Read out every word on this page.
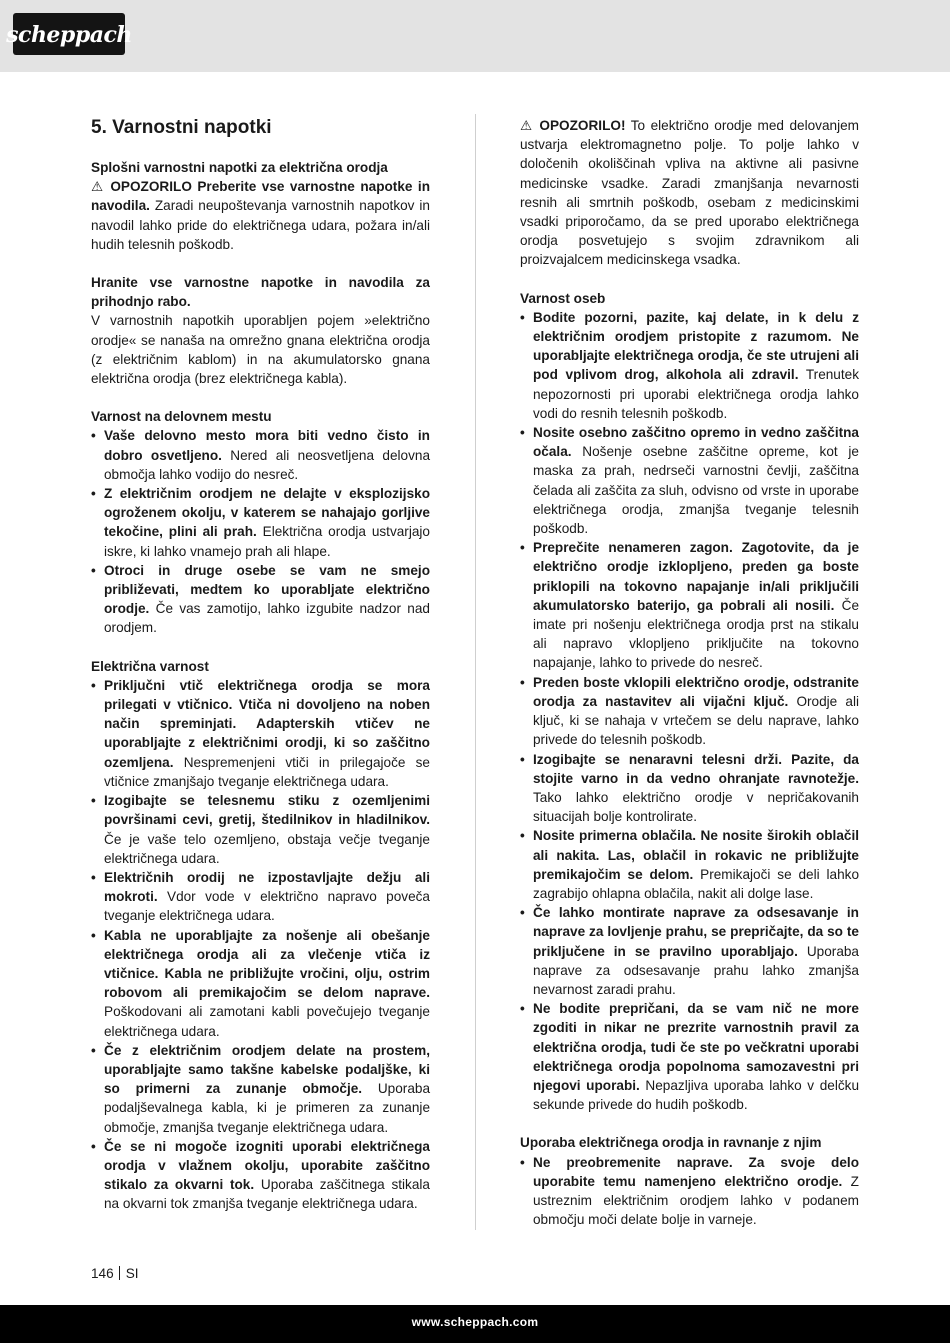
scheppach
5. Varnostni napotki

Splošni varnostni napotki za električna orodja

⚠ OPOZORILO Preberite vse varnostne napotke in navodila. Zaradi neupoštevanja varnostnih napotkov in navodil lahko pride do električnega udara, požara in/ali hudih telesnih poškodb.

Hranite vse varnostne napotke in navodila za prihodnjo rabo.

V varnostnih napotkih uporabljen pojem »električno orodje« se nanaša na omrežno gnana električna orodja (z električnim kablom) in na akumulatorsko gnana električna orodja (brez električnega kabla).

Varnost na delovnem mestu

• Vaše delovno mesto mora biti vedno čisto in dobro osvetljeno. Nered ali neosvetljena delovna območja lahko vodijo do nesreč.
• Z električnim orodjem ne delajte v eksplozijsko ogroženem okolju, v katerem se nahajajo gorljive tekočine, plini ali prah. Električna orodja ustvarjajo iskre, ki lahko vnamejo prah ali hlape.
• Otroci in druge osebe se vam ne smejo približevati, medtem ko uporabljate električno orodje. Če vas zamotijo, lahko izgubite nadzor nad orodjem.

Električna varnost

• Priključni vtič električnega orodja se mora prilegati v vtičnico. Vtiča ni dovoljeno na noben način spreminjati. Adapterskih vtičev ne uporabljajte z električnimi orodji, ki so zaščitno ozemljena. Nespremenjeni vtiči in prilegajoče se vtičnice zmanjšajo tveganje električnega udara.
• Izogibajte se telesnemu stiku z ozemljenimi površinami cevi, gretij, štedilnikov in hladilnikov. Če je vaše telo ozemljeno, obstaja večje tveganje električnega udara.
• Električnih orodij ne izpostavljajte dežju ali mokroti. Vdor vode v električno napravo poveča tveganje električnega udara.
• Kabla ne uporabljajte za nošenje ali obešanje električnega orodja ali za vlečenje vtiča iz vtičnice. Kabla ne približujte vročini, olju, ostrim robovom ali premikajočim se delom naprave. Poškodovani ali zamotani kabli povečujejo tveganje električnega udara.
• Če z električnim orodjem delate na prostem, uporabljajte samo takšne kabelske podaljške, ki so primerni za zunanje območje. Uporaba podaljševalnega kabla, ki je primeren za zunanje območje, zmanjša tveganje električnega udara.
• Če se ni mogoče izogniti uporabi električnega orodja v vlažnem okolju, uporabite zaščitno stikalo za okvarni tok. Uporaba zaščitnega stikala na okvarni tok zmanjša tveganje električnega udara.

⚠ OPOZORILO! To električno orodje med delovanjem ustvarja elektromagnetno polje. To polje lahko v določenih okoliščinah vpliva na aktivne ali pasivne medicinske vsadke. Zaradi zmanjšanja nevarnosti resnih ali smrtnih poškodb, osebam z medicinskimi vsadki priporočamo, da se pred uporabo električnega orodja posvetujejo s svojim zdravnikom ali proizvajalcem medicinskega vsadka.

Varnost oseb

• Bodite pozorni, pazite, kaj delate, in k delu z električnim orodjem pristopite z razumom. Ne uporabljajte električnega orodja, če ste utrujeni ali pod vplivom drog, alkohola ali zdravil. Trenutek nepozornosti pri uporabi električnega orodja lahko vodi do resnih telesnih poškodb.
• Nosite osebno zaščitno opremo in vedno zaščitna očala. Nošenje osebne zaščitne opreme, kot je maska za prah, nedrseči varnostni čevlji, zaščitna čelada ali zaščita za sluh, odvisno od vrste in uporabe električnega orodja, zmanjša tveganje telesnih poškodb.
• Preprečite nenameren zagon. Zagotovite, da je električno orodje izklopljeno, preden ga boste priklopili na tokovno napajanje in/ali priključili akumulatorsko baterijo, ga pobrali ali nosili. Če imate pri nošenju električnega orodja prst na stikalu ali napravo vklopljeno priključite na tokovno napajanje, lahko to privede do nesreč.
• Preden boste vklopili električno orodje, odstranite orodja za nastavitev ali vijačni ključ. Orodje ali ključ, ki se nahaja v vrtečem se delu naprave, lahko privede do telesnih poškodb.
• Izogibajte se nenaravni telesni drži. Pazite, da stojite varno in da vedno ohranjate ravnotežje. Tako lahko električno orodje v nepričakovanih situacijah bolje kontrolirate.
• Nosite primerna oblačila. Ne nosite širokih oblačil ali nakita. Las, oblačil in rokavic ne približujte premikajočim se delom. Premikajoči se deli lahko zagrabijo ohlapna oblačila, nakit ali dolge lase.
• Če lahko montirate naprave za odsesavanje in naprave za lovljenje prahu, se prepričajte, da so te priključene in se pravilno uporabljajo. Uporaba naprave za odsesavanje prahu lahko zmanjša nevarnost zaradi prahu.
• Ne bodite prepričani, da se vam nič ne more zgoditi in nikar ne prezrite varnostnih pravil za električna orodja, tudi če ste po večkratni uporabi električnega orodja popolnoma samozavestni pri njegovi uporabi. Nepazljiva uporaba lahko v delčku sekunde privede do hudih poškodb.

Uporaba električnega orodja in ravnanje z njim

• Ne preobremenite naprave. Za svoje delo uporabite temu namenjeno električno orodje. Z ustreznim električnim orodjem lahko v podanem območju moči delate bolje in varneje.
146 SI
www.scheppach.com
